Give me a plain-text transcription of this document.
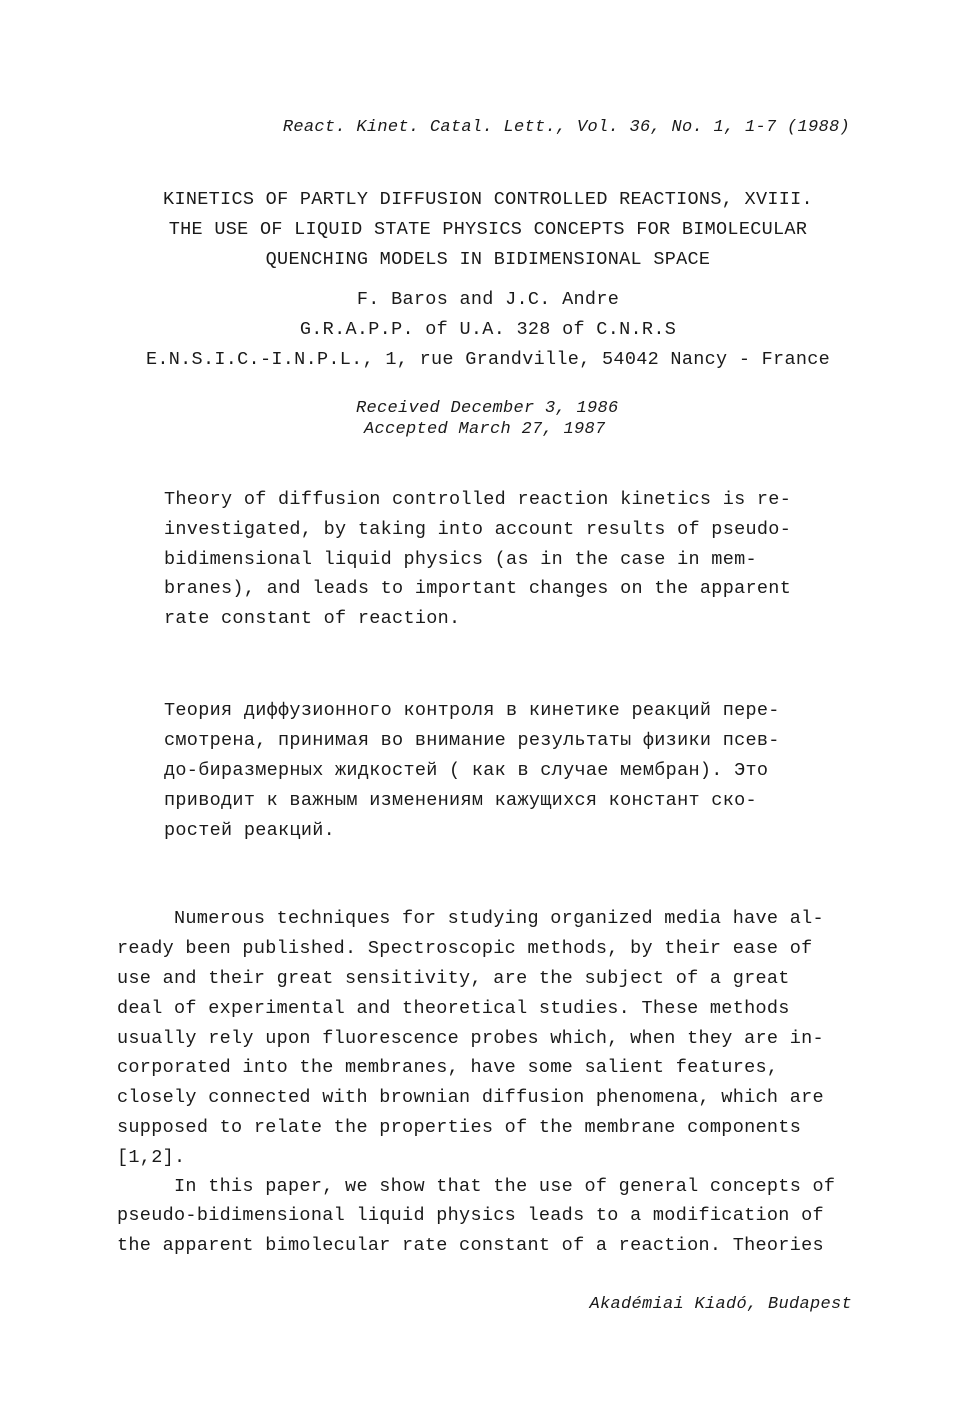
React. Kinet. Catal. Lett., Vol. 36, No. 1, 1-7 (1988)
KINETICS OF PARTLY DIFFUSION CONTROLLED REACTIONS, XVIII.
THE USE OF LIQUID STATE PHYSICS CONCEPTS FOR BIMOLECULAR
QUENCHING MODELS IN BIDIMENSIONAL SPACE
F. Baros and J.C. Andre
G.R.A.P.P. of U.A. 328 of C.N.R.S
E.N.S.I.C.-I.N.P.L., 1, rue Grandville, 54042 Nancy - France
Received December 3, 1986
Accepted March 27, 1987
Theory of diffusion controlled reaction kinetics is re-
investigated, by taking into account results of pseudo-
bidimensional liquid physics (as in the case in mem-
branes), and leads to important changes on the apparent
rate constant of reaction.
Теория диффузионного контроля в кинетике реакций пере-
смотрена, принимая во внимание результаты физики псев-
до-биразмерных жидкостей ( как в случае мембран). Это
приводит к важным изменениям кажущихся констант ско-
ростей реакций.
Numerous techniques for studying organized media have al-
ready been published. Spectroscopic methods, by their ease of
use and their great sensitivity, are the subject of a great
deal of experimental and theoretical studies. These methods
usually rely upon fluorescence probes which, when they are in-
corporated into the membranes, have some salient features,
closely connected with brownian diffusion phenomena, which are
supposed to relate the properties of the membrane components
[1,2].
In this paper, we show that the use of general concepts of
pseudo-bidimensional liquid physics leads to a modification of
the apparent bimolecular rate constant of a reaction. Theories
Akadémiai Kiadó, Budapest
